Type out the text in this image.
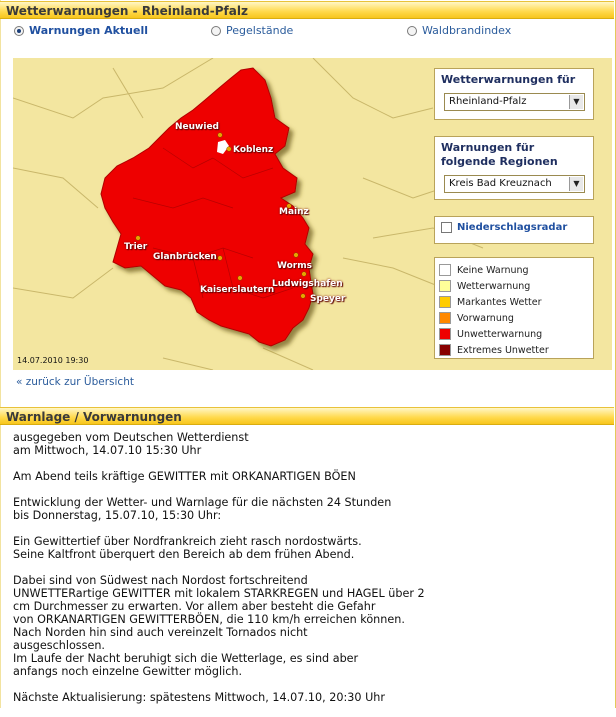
Wetterwarnungen - Rheinland-Pfalz
Warnungen Aktuell	Pegelstände	Waldbrandindex
Neuwied
Koblenz
Mainz
Trier
Glanbrücken
Worms
Ludwigshafen
Kaiserslautern
Speyer
14.07.2010 19:30
Wetterwarnungen für
Rheinland-Pfalz	▼
Warnungen für folgende Regionen
Kreis Bad Kreuznach	▼
Niederschlagsradar
Keine Warnung
Wetterwarnung
Markantes Wetter
Vorwarnung
Unwetterwarnung
Extremes Unwetter
« zurück zur Übersicht
Warnlage / Vorwarnungen

ausgegeben vom Deutschen Wetterdienst
am Mittwoch, 14.07.10 15:30 Uhr

Am Abend teils kräftige GEWITTER mit ORKANARTIGEN BÖEN

Entwicklung der Wetter- und Warnlage für die nächsten 24 Stunden
bis Donnerstag, 15.07.10, 15:30 Uhr:

Ein Gewittertief über Nordfrankreich zieht rasch nordostwärts.
Seine Kaltfront überquert den Bereich ab dem frühen Abend.

Dabei sind von Südwest nach Nordost fortschreitend
UNWETTERartige GEWITTER mit lokalem STARKREGEN und HAGEL über 2
cm Durchmesser zu erwarten. Vor allem aber besteht die Gefahr
von ORKANARTIGEN GEWITTERBÖEN, die 110 km/h erreichen können.
Nach Norden hin sind auch vereinzelt Tornados nicht
ausgeschlossen.
Im Laufe der Nacht beruhigt sich die Wetterlage, es sind aber
anfangs noch einzelne Gewitter möglich.

Nächste Aktualisierung: spätestens Mittwoch, 14.07.10, 20:30 Uhr
